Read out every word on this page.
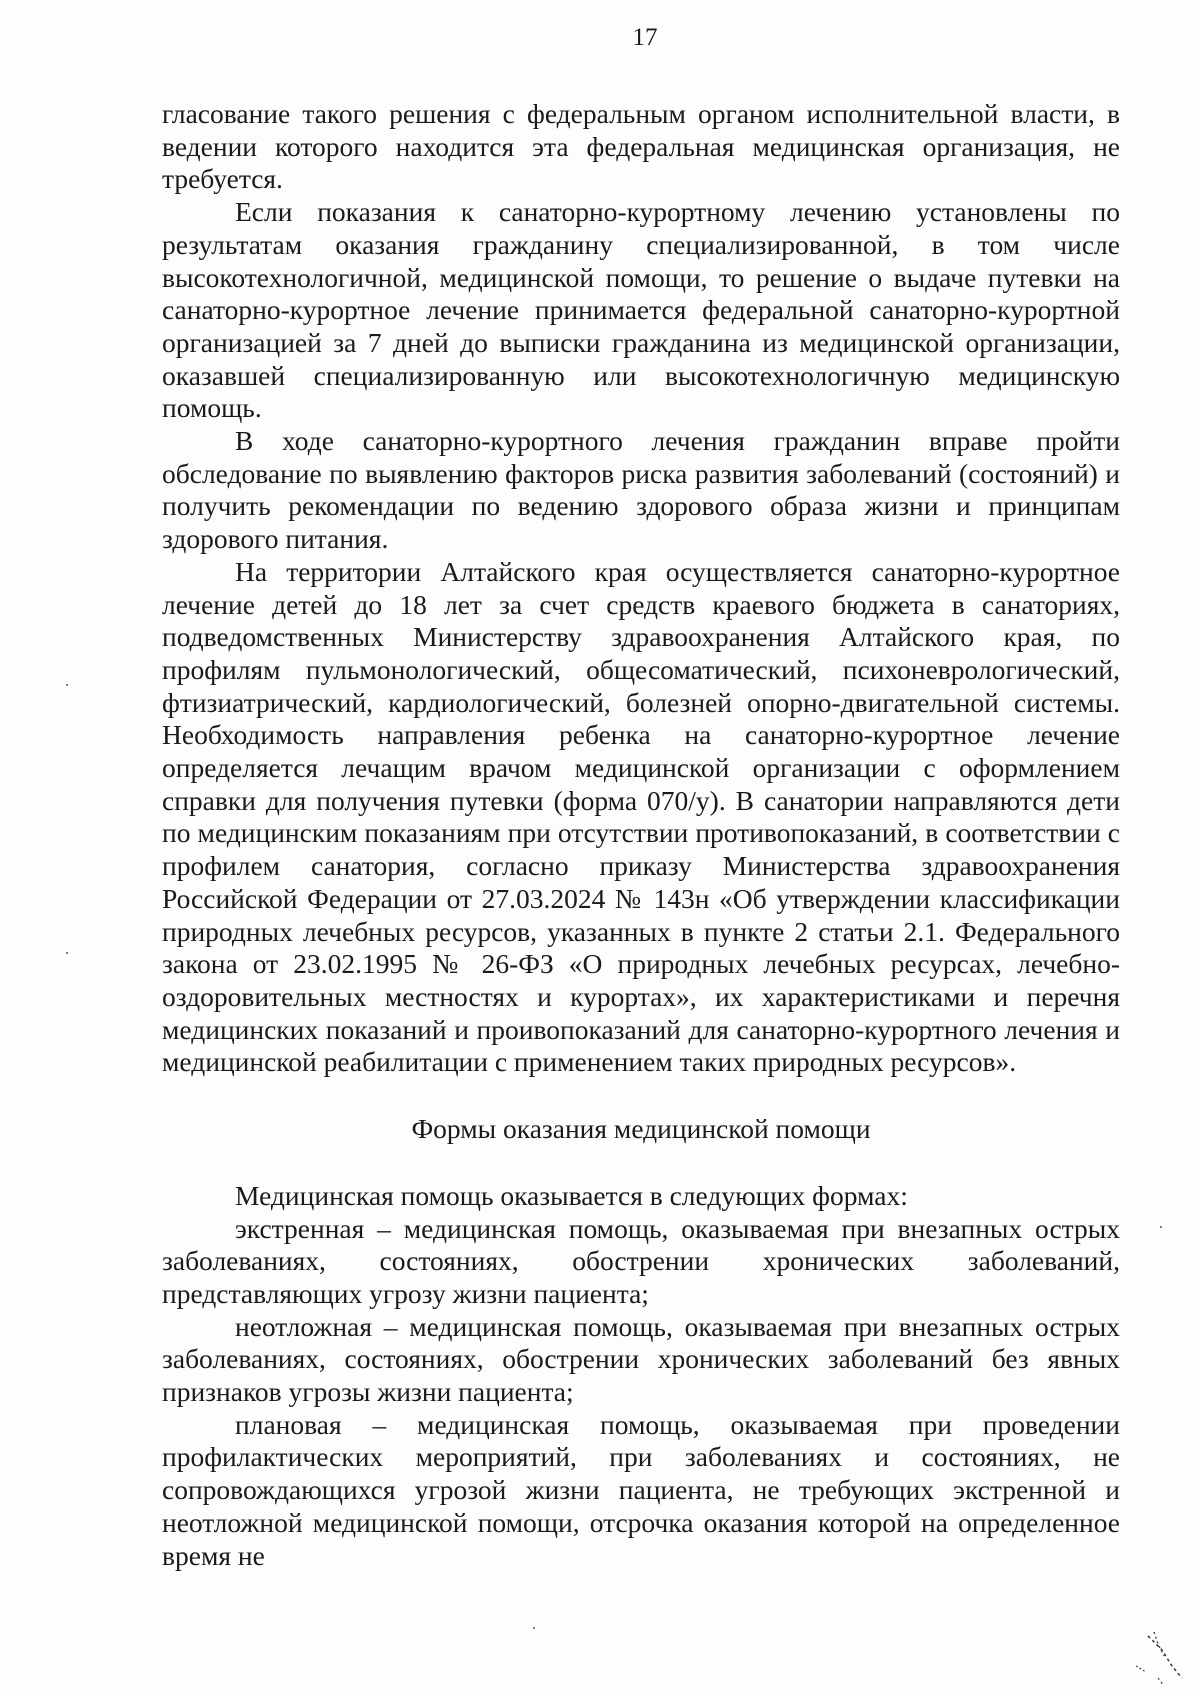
17

гласование такого решения с федеральным органом исполнительной власти, в ведении которого находится эта федеральная медицинская организация, не требуется.

Если показания к санаторно-курортному лечению установлены по результатам оказания гражданину специализированной, в том числе высокотехнологичной, медицинской помощи, то решение о выдаче путевки на санаторно-курортное лечение принимается федеральной санаторно-курортной организацией за 7 дней до выписки гражданина из медицинской организации, оказавшей специализированную или высокотехнологичную медицинскую помощь.

В ходе санаторно-курортного лечения гражданин вправе пройти обследование по выявлению факторов риска развития заболеваний (состояний) и получить рекомендации по ведению здорового образа жизни и принципам здорового питания.

На территории Алтайского края осуществляется санаторно-курортное лечение детей до 18 лет за счет средств краевого бюджета в санаториях, подведомственных Министерству здравоохранения Алтайского края, по профилям пульмонологический, общесоматический, психоневрологический, фтизиатрический, кардиологический, болезней опорно-двигательной системы. Необходимость направления ребенка на санаторно-курортное лечение определяется лечащим врачом медицинской организации с оформлением справки для получения путевки (форма 070/у). В санатории направляются дети по медицинским показаниям при отсутствии противопоказаний, в соответствии с профилем санатория, согласно приказу Министерства здравоохранения Российской Федерации от 27.03.2024 № 143н «Об утверждении классификации природных лечебных ресурсов, указанных в пункте 2 статьи 2.1. Федерального закона от 23.02.1995 № 26-ФЗ «О природных лечебных ресурсах, лечебно-оздоровительных местностях и курортах», их характеристиками и перечня медицинских показаний и проивопоказаний для санаторно-курортного лечения и медицинской реабилитации с применением таких природных ресурсов».

Формы оказания медицинской помощи

Медицинская помощь оказывается в следующих формах:

экстренная – медицинская помощь, оказываемая при внезапных острых заболеваниях, состояниях, обострении хронических заболеваний, представляющих угрозу жизни пациента;

неотложная – медицинская помощь, оказываемая при внезапных острых заболеваниях, состояниях, обострении хронических заболеваний без явных признаков угрозы жизни пациента;

плановая – медицинская помощь, оказываемая при проведении профилактических мероприятий, при заболеваниях и состояниях, не сопровождающихся угрозой жизни пациента, не требующих экстренной и неотложной медицинской помощи, отсрочка оказания которой на определенное время не
